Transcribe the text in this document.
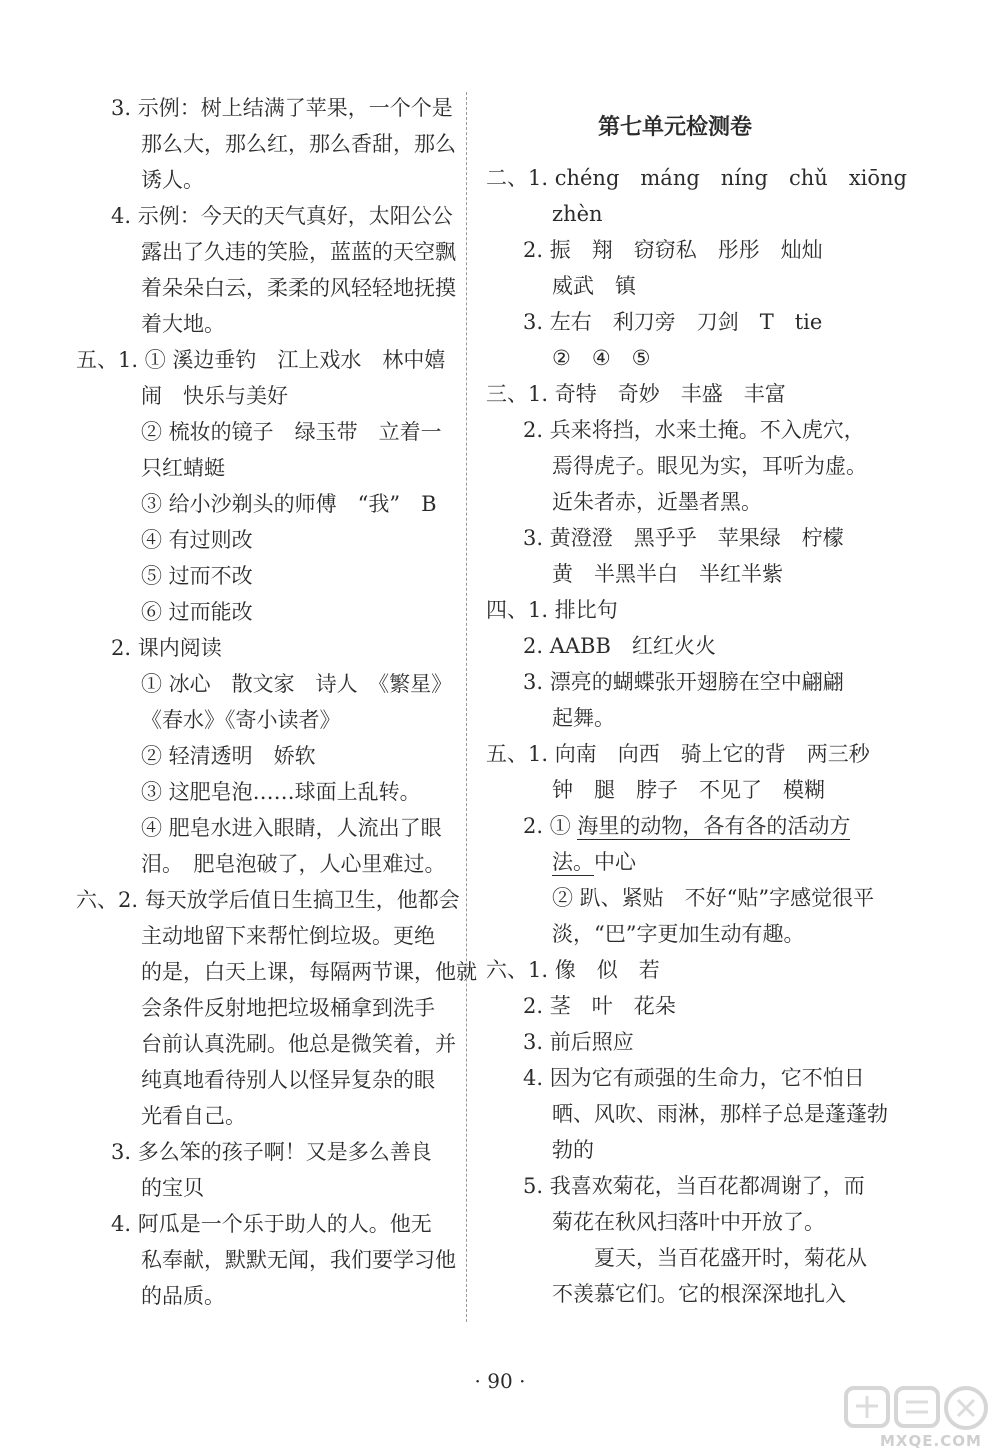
3. 示例：树上结满了苹果，一个个是
那么大，那么红，那么香甜，那么
诱人。
4. 示例：今天的天气真好，太阳公公
露出了久违的笑脸，蓝蓝的天空飘
着朵朵白云，柔柔的风轻轻地抚摸
着大地。
五、1. ① 溪边垂钓　江上戏水　林中嬉
闹　快乐与美好
② 梳妆的镜子　绿玉带　立着一
只红蜻蜓
③ 给小沙剃头的师傅　“我”　B
④ 有过则改
⑤ 过而不改
⑥ 过而能改
2. 课内阅读
① 冰心　散文家　诗人　《繁星》
《春水》《寄小读者》
② 轻清透明　娇软
③ 这肥皂泡……球面上乱转。
④ 肥皂水进入眼睛，人流出了眼
泪。　肥皂泡破了，人心里难过。
六、2. 每天放学后值日生搞卫生，他都会
主动地留下来帮忙倒垃圾。更绝
的是，白天上课，每隔两节课，他就
会条件反射地把垃圾桶拿到洗手
台前认真洗刷。他总是微笑着，并
纯真地看待别人以怪异复杂的眼
光看自己。
3. 多么笨的孩子啊！又是多么善良
的宝贝
4. 阿瓜是一个乐于助人的人。他无
私奉献，默默无闻，我们要学习他
的品质。
第七单元检测卷
二、1. chéng　máng　níng　chǔ　xiōng
zhèn
2. 振　翔　窃窃私　彤彤　灿灿
威武　镇
3. 左右　利刀旁　刀剑　T　tie
②　④　⑤
三、1. 奇特　奇妙　丰盛　丰富
2. 兵来将挡，水来土掩。不入虎穴，
焉得虎子。眼见为实，耳听为虚。
近朱者赤，近墨者黑。
3. 黄澄澄　黑乎乎　苹果绿　柠檬
黄　半黑半白　半红半紫
四、1. 排比句
2. AABB　红红火火
3. 漂亮的蝴蝶张开翅膀在空中翩翩
起舞。
五、1. 向南　向西　骑上它的背　两三秒
钟　腿　脖子　不见了　模糊
2. ① 海里的动物，各有各的活动方
法。中心
② 趴、紧贴　不好“贴”字感觉很平
淡，“巴”字更加生动有趣。
六、1. 像　似　若
2. 茎　叶　花朵
3. 前后照应
4. 因为它有顽强的生命力，它不怕日
晒、风吹、雨淋，那样子总是蓬蓬勃
勃的
5. 我喜欢菊花，当百花都凋谢了，而
菊花在秋风扫落叶中开放了。
夏天，当百花盛开时，菊花从
不羡慕它们。它的根深深地扎入
· 90 ·
MXQE.COM
